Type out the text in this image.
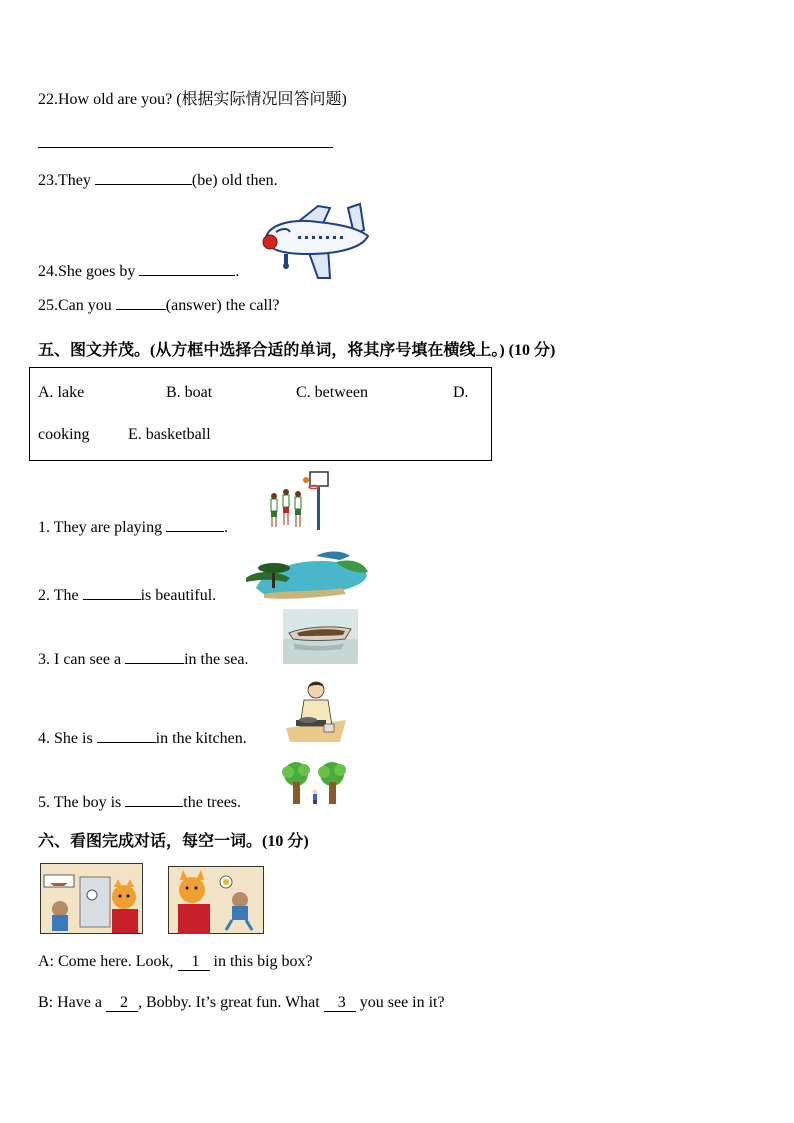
22.How old are you? (根据实际情况回答问题)
23.They	(be) old then.
24.She goes by	.
25.Can you	(answer) the call?
五、图文并茂。(从方框中选择合适的单词，将其序号填在横线上。) (10 分)
A. lake	B. boat	C. between	D.
cooking E. basketball
1. They are playing	.
2. The	is beautiful.
3. I can see a	in the sea.
4. She is	in the kitchen.
5. The boy is	the trees.
六、看图完成对话，每空一词。(10 分)
A: Come here. Look, 1 in this big box?
B: Have a 2 , Bobby. It’s great fun. What 3 you see in it?
